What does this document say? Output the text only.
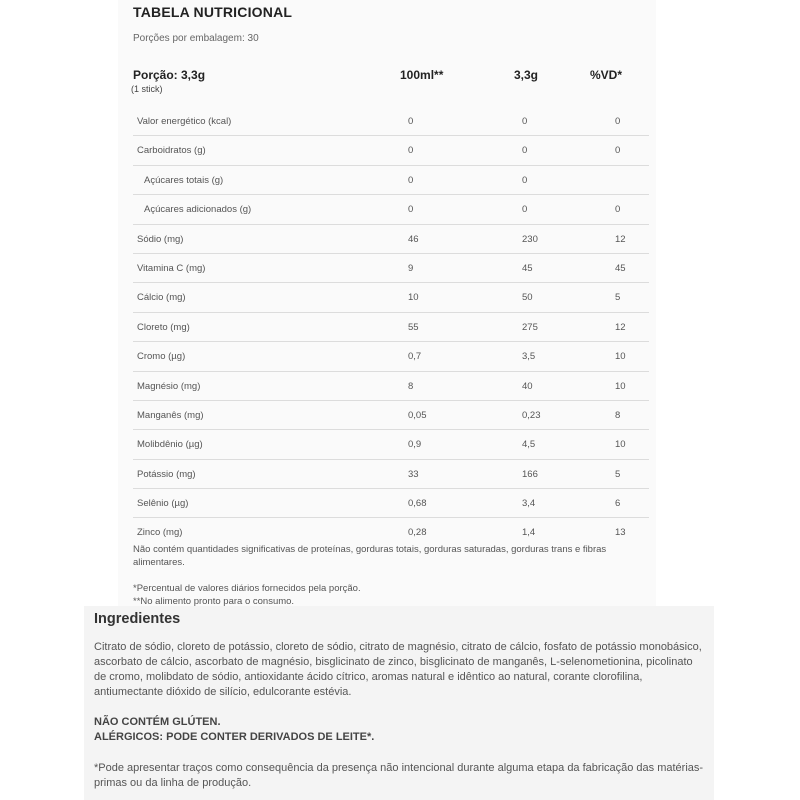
TABELA NUTRICIONAL
Porções por embalagem: 30
Porção: 3,3g	100ml**	3,3g	%VD*
(1 stick)
Valor energético (kcal)	0	0	0
Carboidratos (g)	0	0	0
Açúcares totais (g)	0	0
Açúcares adicionados (g)	0	0	0
Sódio (mg)	46	230	12
Vitamina C (mg)	9	45	45
Cálcio (mg)	10	50	5
Cloreto (mg)	55	275	12
Cromo (µg)	0,7	3,5	10
Magnésio (mg)	8	40	10
Manganês (mg)	0,05	0,23	8
Molibdênio (µg)	0,9	4,5	10
Potássio (mg)	33	166	5
Selênio (µg)	0,68	3,4	6
Zinco (mg)	0,28	1,4	13
Não contém quantidades significativas de proteínas, gorduras totais, gorduras saturadas, gorduras trans e fibras alimentares.
*Percentual de valores diários fornecidos pela porção.
**No alimento pronto para o consumo.
Ingredientes
Citrato de sódio, cloreto de potássio, cloreto de sódio, citrato de magnésio, citrato de cálcio, fosfato de potássio monobásico, ascorbato de cálcio, ascorbato de magnésio, bisglicinato de zinco, bisglicinato de manganês, L-selenometionina, picolinato de cromo, molibdato de sódio, antioxidante ácido cítrico, aromas natural e idêntico ao natural, corante clorofilina, antiumectante dióxido de silício, edulcorante estévia.
NÃO CONTÉM GLÚTEN.
ALÉRGICOS: PODE CONTER DERIVADOS DE LEITE*.
*Pode apresentar traços como consequência da presença não intencional durante alguma etapa da fabricação das matérias-primas ou da linha de produção.
